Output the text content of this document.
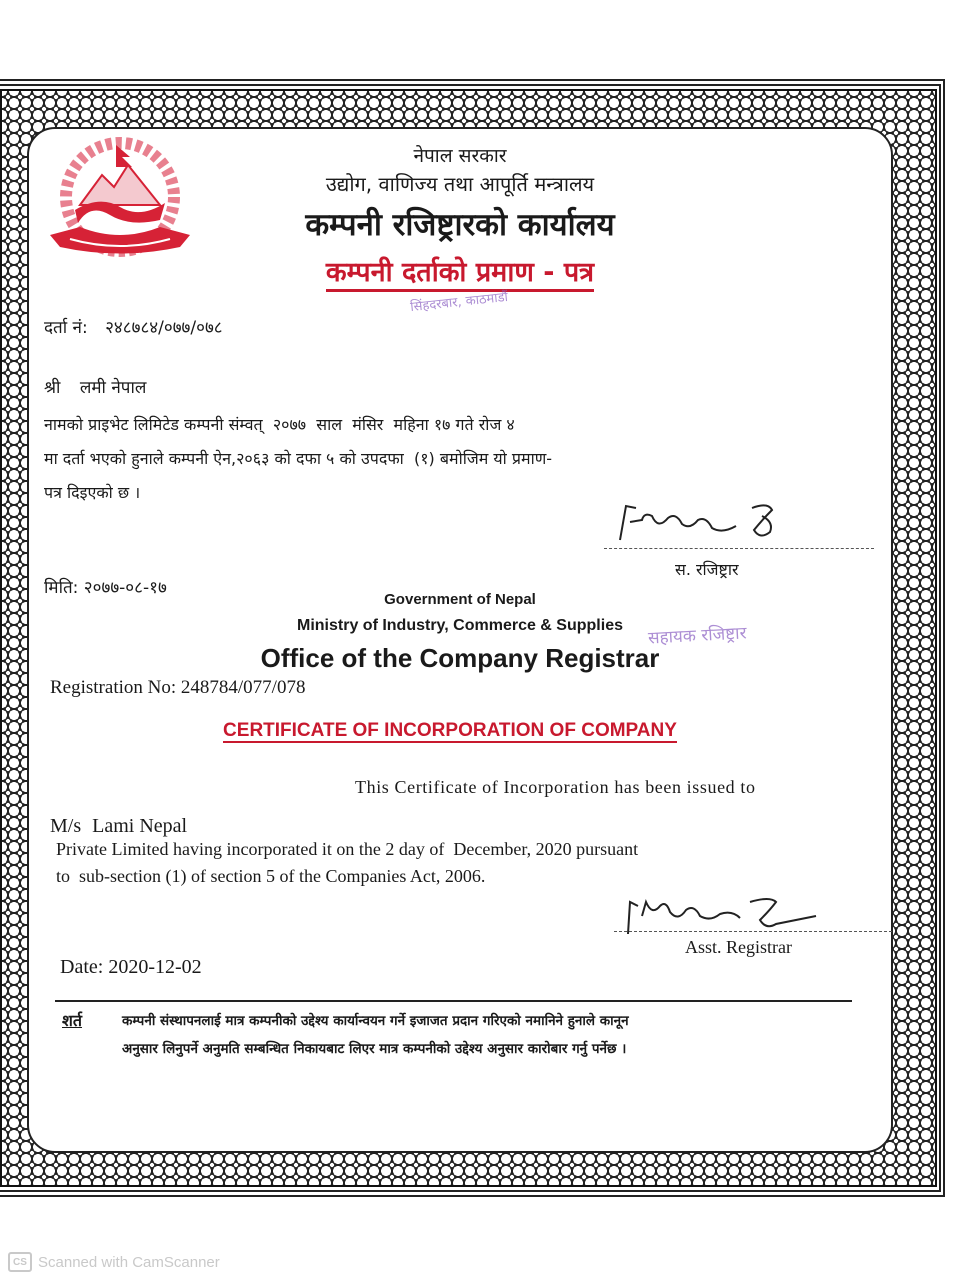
नेपाल सरकार
उद्योग, वाणिज्य तथा आपूर्ति मन्त्रालय
कम्पनी रजिष्ट्रारको कार्यालय
कम्पनी दर्ताको प्रमाण - पत्र
सिंहदरबार, काठमाडौं
दर्ता नं: २४८७८४/०७७/०७८
श्री लमी नेपाल
नामको प्राइभेट लिमिटेड कम्पनी संम्वत्  २०७७  साल  मंसिर  महिना १७ गते रोज ४
मा दर्ता भएको हुनाले कम्पनी ऐन,२०६३ को दफा ५ को उपदफा  (१) बमोजिम यो प्रमाण-
पत्र दिइएको छ ।
स. रजिष्ट्रार
मिति: २०७७-०८-१७
Government of Nepal
Ministry of Industry, Commerce & Supplies	सहायक रजिष्ट्रार
Office of the Company Registrar
Registration No: 248784/077/078
CERTIFICATE OF INCORPORATION OF COMPANY
This Certificate of Incorporation has been issued to
M/s Lami Nepal
Private Limited having incorporated it on the 2 day of  December, 2020 pursuant
to  sub-section (1) of section 5 of the Companies Act, 2006.
Asst. Registrar
Date: 2020-12-02
शर्त	कम्पनी संस्थापनलाई मात्र कम्पनीको उद्देश्य कार्यान्वयन गर्ने इजाजत प्रदान गरिएको नमानिने हुनाले कानून
अनुसार लिनुपर्ने अनुमति सम्बन्धित निकायबाट लिएर मात्र कम्पनीको उद्देश्य अनुसार कारोबार गर्नु पर्नेछ ।
CS Scanned with CamScanner
